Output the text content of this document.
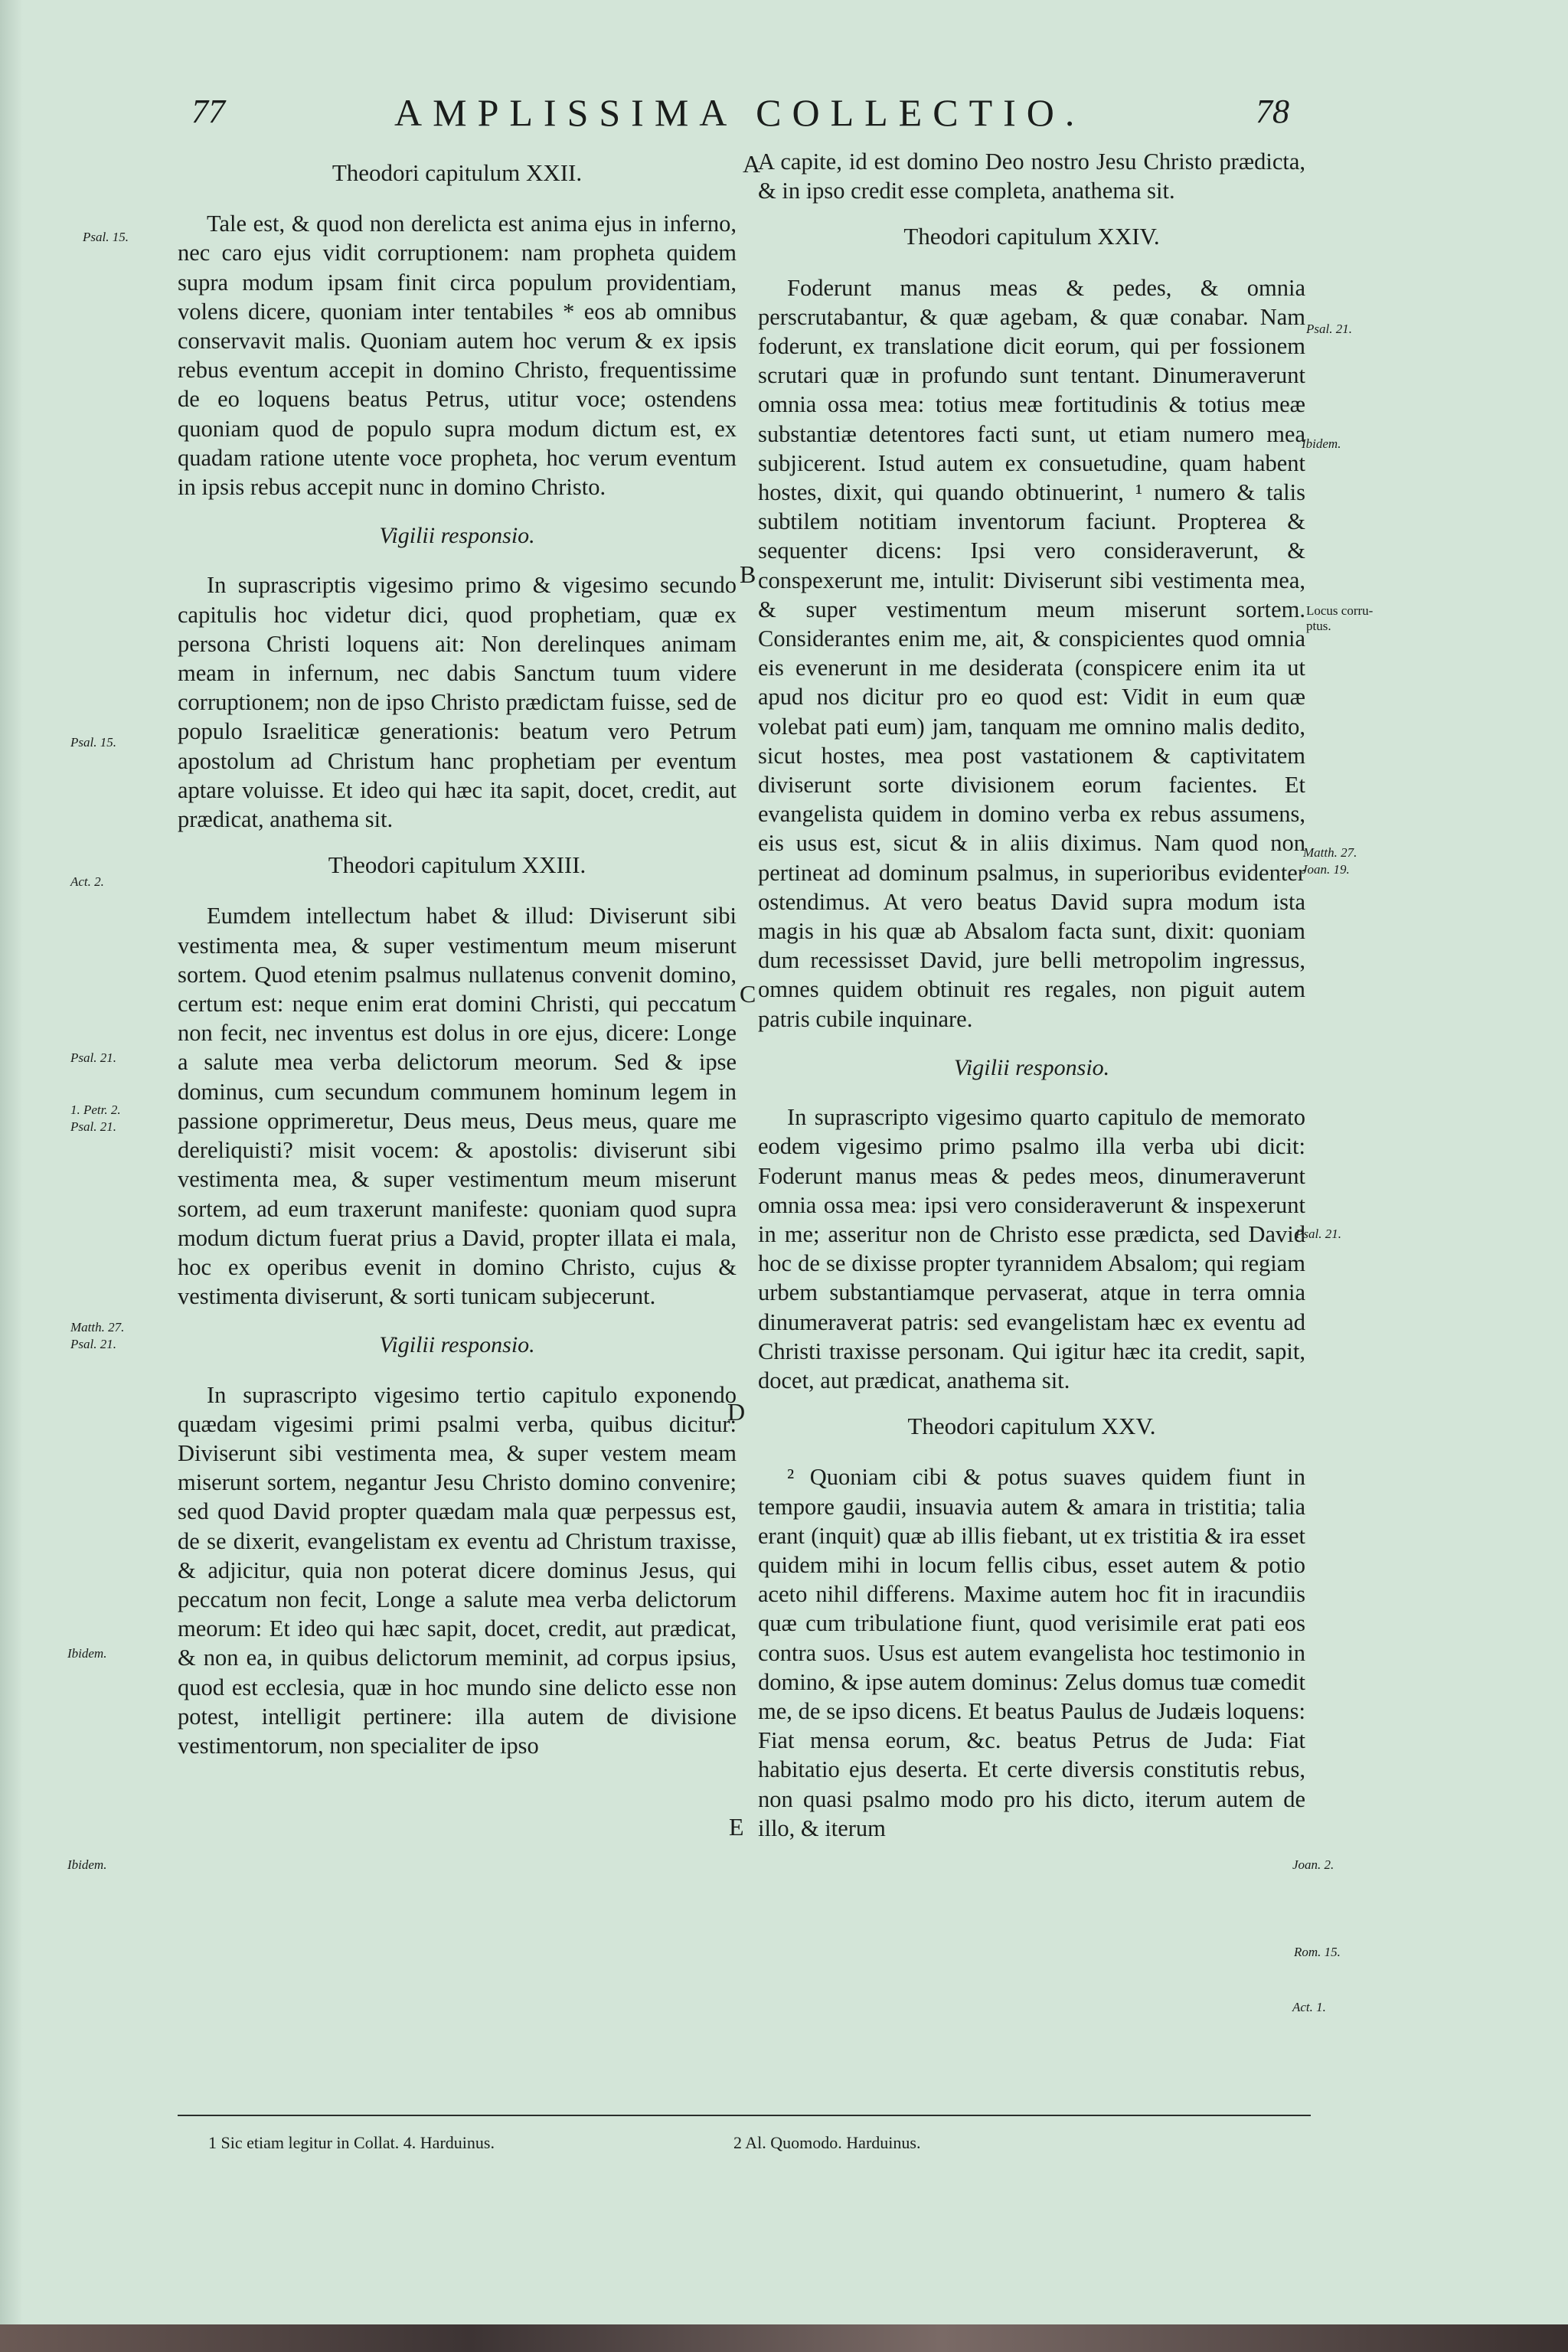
77	AMPLISSIMA COLLECTIO.	78
Theodori capitulum XXII.

Tale est, & quod non derelicta est anima ejus in inferno, nec caro ejus vidit corruptionem: nam propheta quidem supra modum ipsam finit circa populum providentiam, volens dicere, quoniam inter tentabiles * eos ab omnibus conservavit malis. Quoniam autem hoc verum & ex ipsis rebus eventum accepit in domino Christo, frequentissime de eo loquens beatus Petrus, utitur voce; ostendens quoniam quod de populo supra modum dictum est, ex quadam ratione utente voce propheta, hoc verum eventum in ipsis rebus accepit nunc in domino Christo.

Vigilii responsio.

In suprascriptis vigesimo primo & vigesimo secundo capitulis hoc videtur dici, quod prophetiam, quæ ex persona Christi loquens ait: Non derelinques animam meam in infernum, nec dabis Sanctum tuum videre corruptionem; non de ipso Christo prædictam fuisse, sed de populo Israeliticæ generationis: beatum vero Petrum apostolum ad Christum hanc prophetiam per eventum aptare voluisse. Et ideo qui hæc ita sapit, docet, credit, aut prædicat, anathema sit.

Theodori capitulum XXIII.

Eumdem intellectum habet & illud: Diviserunt sibi vestimenta mea, & super vestimentum meum miserunt sortem. Quod etenim psalmus nullatenus convenit domino, certum est: neque enim erat domini Christi, qui peccatum non fecit, nec inventus est dolus in ore ejus, dicere: Longe a salute mea verba delictorum meorum. Sed & ipse dominus, cum secundum communem hominum legem in passione opprimeretur, Deus meus, Deus meus, quare me dereliquisti? misit vocem: & apostolis: diviserunt sibi vestimenta mea, & super vestimentum meum miserunt sortem, ad eum traxerunt manifeste: quoniam quod supra modum dictum fuerat prius a David, propter illata ei mala, hoc ex operibus evenit in domino Christo, cujus & vestimenta diviserunt, & sorti tunicam subjecerunt.

Vigilii responsio.

In suprascripto vigesimo tertio capitulo exponendo quædam vigesimi primi psalmi verba, quibus dicitur: Diviserunt sibi vestimenta mea, & super vestem meam miserunt sortem, negantur Jesu Christo domino convenire; sed quod David propter quædam mala quæ perpessus est, de se dixerit, evangelistam ex eventu ad Christum traxisse, & adjicitur, quia non poterat dicere dominus Jesus, qui peccatum non fecit, Longe a salute mea verba delictorum meorum: Et ideo qui hæc sapit, docet, credit, aut prædicat, & non ea, in quibus delictorum meminit, ad corpus ipsius, quod est ecclesia, quæ in hoc mundo sine delicto esse non potest, intelligit pertinere: illa autem de divisione vestimentorum, non specialiter de ipso

A capite, id est domino Deo nostro Jesu Christo prædicta, & in ipso credit esse completa, anathema sit.

Theodori capitulum XXIV.

Foderunt manus meas & pedes, & omnia perscrutabantur, & quæ agebam, & quæ conabar. Nam foderunt, ex translatione dicit eorum, qui per fossionem scrutari quæ in profundo sunt tentant. Dinumeraverunt omnia ossa mea: totius meæ fortitudinis & totius meæ substantiæ detentores facti sunt, ut etiam numero mea subjicerent. Istud autem ex consuetudine, quam habent hostes, dixit, qui quando obtinuerint, ¹ numero & talis subtilem notitiam inventorum faciunt. Propterea & sequenter dicens: Ipsi vero consideraverunt, & conspexerunt me, intulit: Diviserunt sibi vestimenta mea, & super vestimentum meum miserunt sortem. Considerantes enim me, ait, & conspicientes quod omnia eis evenerunt in me desiderata (conspicere enim ita ut apud nos dicitur pro eo quod est: Vidit in eum quæ volebat pati eum) jam, tanquam me omnino malis dedito, sicut hostes, mea post vastationem & captivitatem diviserunt sorte divisionem eorum facientes. Et evangelista quidem in domino verba ex rebus assumens, eis usus est, sicut & in aliis diximus. Nam quod non pertineat ad dominum psalmus, in superioribus evidenter ostendimus. At vero beatus David supra modum ista magis in his quæ ab Absalom facta sunt, dixit: quoniam dum recessisset David, jure belli metropolim ingressus, omnes quidem obtinuit res regales, non piguit autem patris cubile inquinare.

Vigilii responsio.

In suprascripto vigesimo quarto capitulo de memorato eodem vigesimo primo psalmo illa verba ubi dicit: Foderunt manus meas & pedes meos, dinumeraverunt omnia ossa mea: ipsi vero consideraverunt & inspexerunt in me; asseritur non de Christo esse prædicta, sed David hoc de se dixisse propter tyrannidem Absalom; qui regiam urbem substantiamque pervaserat, atque in terra omnia dinumeraverat patris: sed evangelistam hæc ex eventu ad Christi traxisse personam. Qui igitur hæc ita credit, sapit, docet, aut prædicat, anathema sit.

Theodori capitulum XXV.

² Quoniam cibi & potus suaves quidem fiunt in tempore gaudii, insuavia autem & amara in tristitia; talia erant (inquit) quæ ab illis fiebant, ut ex tristitia & ira esset quidem mihi in locum fellis cibus, esset autem & potio aceto nihil differens. Maxime autem hoc fit in iracundiis quæ cum tribulatione fiunt, quod verisimile erat pati eos contra suos. Usus est autem evangelista hoc testimonio in domino, & ipse autem dominus: Zelus domus tuæ comedit me, de se ipso dicens. Et beatus Paulus de Judæis loquens: Fiat mensa eorum, &c. beatus Petrus de Juda: Fiat habitatio ejus deserta. Et certe diversis constitutis rebus, non quasi psalmo modo pro his dicto, iterum autem de illo, & iterum

A
B
C
D
E
Psal. 15.
Psal. 15.
Act. 2.
Psal. 21.
1. Petr. 2.
Psal. 21.
Matth. 27.
Psal. 21.
Ibidem.
Ibidem.
Psal. 21.
Ibidem.
Locus corru-
ptus.
Matth. 27.
Joan. 19.
Psal. 21.
Joan. 2.
Rom. 15.
Act. 1.
1 Sic etiam legitur in Collat. 4. Harduinus.	2 Al. Quomodo. Harduinus.
